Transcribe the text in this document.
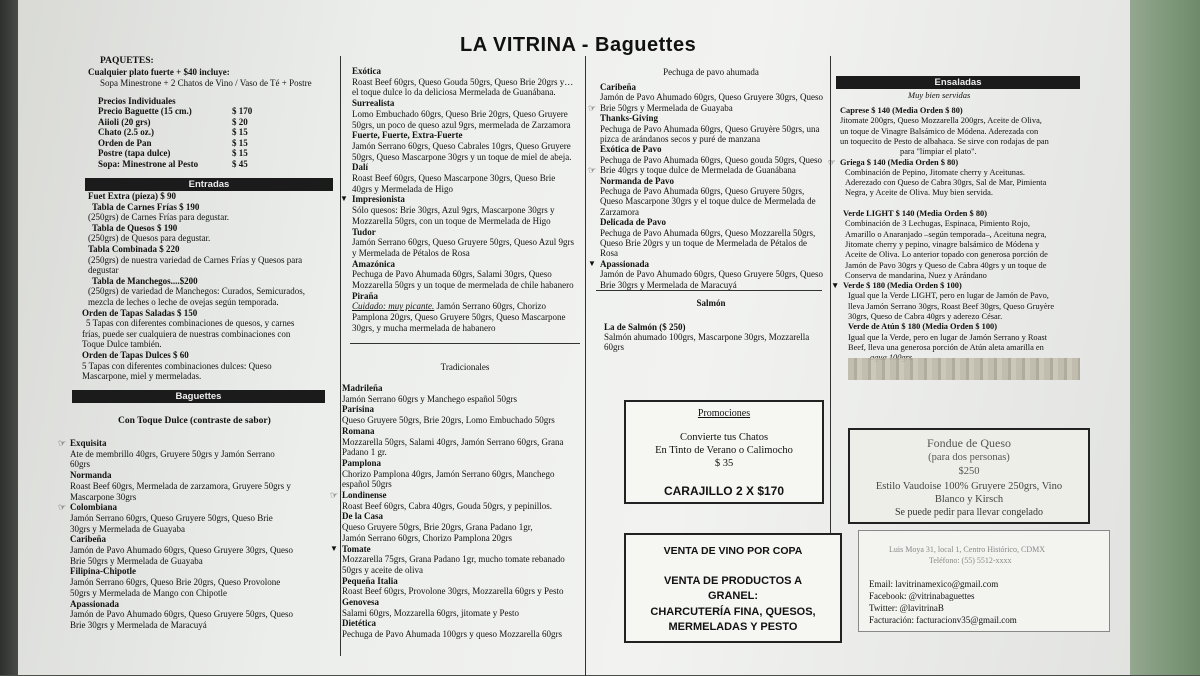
LA VITRINA - Baguettes
PAQUETES:
Cualquier plato fuerte + $40 incluye:
Sopa Minestrone + 2 Chatos de Vino / Vaso de Té + Postre
Precios Individuales
Precio Baguette (15 cm.)	$ 170
Aiioli (20 grs)	$ 20
Chato (2.5 oz.)	$ 15
Orden de Pan	$ 15
Postre (tapa dulce)	$ 15
Sopa: Minestrone al Pesto	$ 45
Entradas
Fuet Extra (pieza) $ 90
Tabla de Carnes Frías $ 190
(250grs) de Carnes Frías para degustar.
Tabla de Quesos $ 190
(250grs) de Quesos para degustar.
Tabla Combinada $ 220
(250grs) de nuestra variedad de Carnes Frías y Quesos para
degustar
Tabla de Manchegos....$200
(250grs) de variedad de Manchegos: Curados, Semicurados,
mezcla de leches o leche de ovejas según temporada.
Orden de Tapas Saladas $ 150
5 Tapas con diferentes combinaciones de quesos, y carnes
frías, puede ser cualquiera de nuestras combinaciones con
Toque Dulce también.
Orden de Tapas Dulces $ 60
5 Tapas con diferentes combinaciones dulces: Queso
Mascarpone, miel y mermeladas.
Baguettes
Con Toque Dulce (contraste de sabor)
Exquisita
☞
Ate de membrillo 40grs, Gruyere 50grs y Jamón Serrano
60grs
Normanda
Roast Beef 60grs, Mermelada de zarzamora, Gruyere 50grs y
Mascarpone 30grs
Colombiana
☞
Jamón Serrano 60grs, Queso Gruyere 50grs, Queso Brie
30grs y Mermelada de Guayaba
Caribeña
Jamón de Pavo Ahumado 60grs, Queso Gruyere 30grs, Queso
Brie 50grs y Mermelada de Guayaba
Filipina-Chipotle
Jamón Serrano 60grs, Queso Brie 20grs, Queso Provolone
50grs y Mermelada de Mango con Chipotle
Apassionada
Jamón de Pavo Ahumado 60grs, Queso Gruyere 50grs, Queso
Brie 30grs y Mermelada de Maracuyá
Exótica
Roast Beef 60grs, Queso Gouda 50grs, Queso Brie 20grs y…
el toque dulce lo da deliciosa Mermelada de Guanábana.
Surrealista
Lomo Embuchado 60grs, Queso Brie 20grs, Queso Gruyere
50grs, un poco de queso azul 9grs, mermelada de Zarzamora
Fuerte, Fuerte, Extra-Fuerte
Jamón Serrano 60grs, Queso Cabrales 10grs, Queso Gruyere
50grs, Queso Mascarpone 30grs y un toque de miel de abeja.
Dalí
Roast Beef 60grs, Queso Mascarpone 30grs, Queso Brie
40grs y Mermelada de Higo
Impresionista
▼
Sólo quesos: Brie 30grs, Azul 9grs, Mascarpone 30grs y
Mozzarella 50grs, con un toque de Mermelada de Higo
Tudor
Jamón Serrano 60grs, Queso Gruyere 50grs, Queso Azul 9grs
y Mermelada de Pétalos de Rosa
Amazónica
Pechuga de Pavo Ahumada 60grs, Salami 30grs, Queso
Mozzarella 50grs y un toque de mermelada de chile habanero
Piraña
Cuidado: muy picante. Jamón Serrano 60grs, Chorizo
Pamplona 20grs, Queso Gruyere 50grs, Queso Mascarpone
30grs, y mucha mermelada de habanero
Tradicionales
Madrileña
Jamón Serrano 60grs y Manchego español 50grs
Parisina
Queso Gruyere 50grs, Brie 20grs, Lomo Embuchado 50grs
Romana
Mozzarella 50grs, Salami 40grs, Jamón Serrano 60grs, Grana
Padano 1 gr.
Pamplona
Chorizo Pamplona 40grs, Jamón Serrano 60grs, Manchego
español 50grs
Londinense
☞
Roast Beef 60grs, Cabra 40grs, Gouda 50grs, y pepinillos.
De la Casa
Queso Gruyere 50grs, Brie 20grs, Grana Padano 1gr,
Jamón Serrano 60grs, Chorizo Pamplona 20grs
Tomate
▼
Mozzarella 75grs, Grana Padano 1gr, mucho tomate rebanado
50grs y aceite de oliva
Pequeña Italia
Roast Beef 60grs, Provolone 30grs, Mozzarella 60grs y Pesto
Genovesa
Salami 60grs, Mozzarella 60grs, jitomate y Pesto
Dietética
Pechuga de Pavo Ahumada 100grs y queso Mozzarella 60grs
Pechuga de pavo ahumada
Caribeña
Jamón de Pavo Ahumado 60grs, Queso Gruyere 30grs, Queso
Brie 50grs y Mermelada de Guayaba
☞
Thanks-Giving
Pechuga de Pavo Ahumada 60grs, Queso Gruyère 50grs, una
pizca de arándanos secos y puré de manzana
Exótica de Pavo
Pechuga de Pavo Ahumada 60grs, Queso gouda 50grs, Queso
Brie 40grs y toque dulce de Mermelada de Guanábana
☞
Normanda de Pavo
Pechuga de Pavo Ahumada 60grs, Queso Gruyere 50grs,
Queso Mascarpone 30grs y el toque dulce de Mermelada de
Zarzamora
Delicada de Pavo
Pechuga de Pavo Ahumada 60grs, Queso Mozzarella 50grs,
Queso Brie 20grs y un toque de Mermelada de Pétalos de
Rosa
Apassionada
▼
Jamón de Pavo Ahumado 60grs, Queso Gruyere 50grs, Queso
Brie 30grs y Mermelada de Maracuyá
Salmón
La de Salmón ($ 250)
Salmón ahumado 100grs, Mascarpone 30grs, Mozzarella
60grs
Promociones
Convierte tus Chatos
En Tinto de Verano o Calimocho
$ 35
CARAJILLO 2 X $170
VENTA DE VINO POR COPA
VENTA DE PRODUCTOS A
GRANEL:
CHARCUTERÍA FINA, QUESOS,
MERMELADAS Y PESTO
Ensaladas
Muy bien servidas
Caprese $ 140 (Media Orden $ 80)
Jitomate 200grs, Queso Mozzarella 200grs, Aceite de Oliva,
un toque de Vinagre Balsámico de Módena. Aderezada con
un toquecito de Pesto de albahaca. Se sirve con rodajas de pan
para "limpiar el plato".
Griega $ 140 (Media Orden $ 80)
☞
Combinación de Pepino, Jitomate cherry y Aceitunas.
Aderezado con Queso de Cabra 30grs, Sal de Mar, Pimienta
Negra, y Aceite de Oliva. Muy bien servida.
Verde LIGHT $ 140 (Media Orden $ 80)
Combinación de 3 Lechugas, Espinaca, Pimiento Rojo,
Amarillo o Anaranjado –según temporada–, Aceituna negra,
Jitomate cherry y pepino, vinagre balsámico de Módena y
Aceite de Oliva. Lo anterior topado con generosa porción de
Jamón de Pavo 30grs y Queso de Cabra 40grs y un toque de
Conserva de mandarina, Nuez y Arándano
Verde $ 180 (Media Orden $ 100)
▼
Igual que la Verde LIGHT, pero en lugar de Jamón de Pavo,
lleva Jamón Serrano 30grs, Roast Beef 30grs, Queso Gruyère
30grs, Queso de Cabra 40grs y aderezo César.
Verde de Atún $ 180 (Media Orden $ 100)
Igual que la Verde, pero en lugar de Jamón Serrano y Roast
Beef, lleva una generosa porción de Atún aleta amarilla en
Fondue de Queso
(para dos personas)
$250
Estilo Vaudoise 100% Gruyere 250grs, Vino
Blanco y Kirsch
Se puede pedir para llevar congelado
Luis Moya 31, local 1, Centro Histórico, CDMX
Teléfono: (55) 5512-xxxx
Email: lavitrinamexico@gmail.com
Facebook: @vitrinabaguettes
Twitter: @lavitrinaB
Facturación: facturacionv35@gmail.com
